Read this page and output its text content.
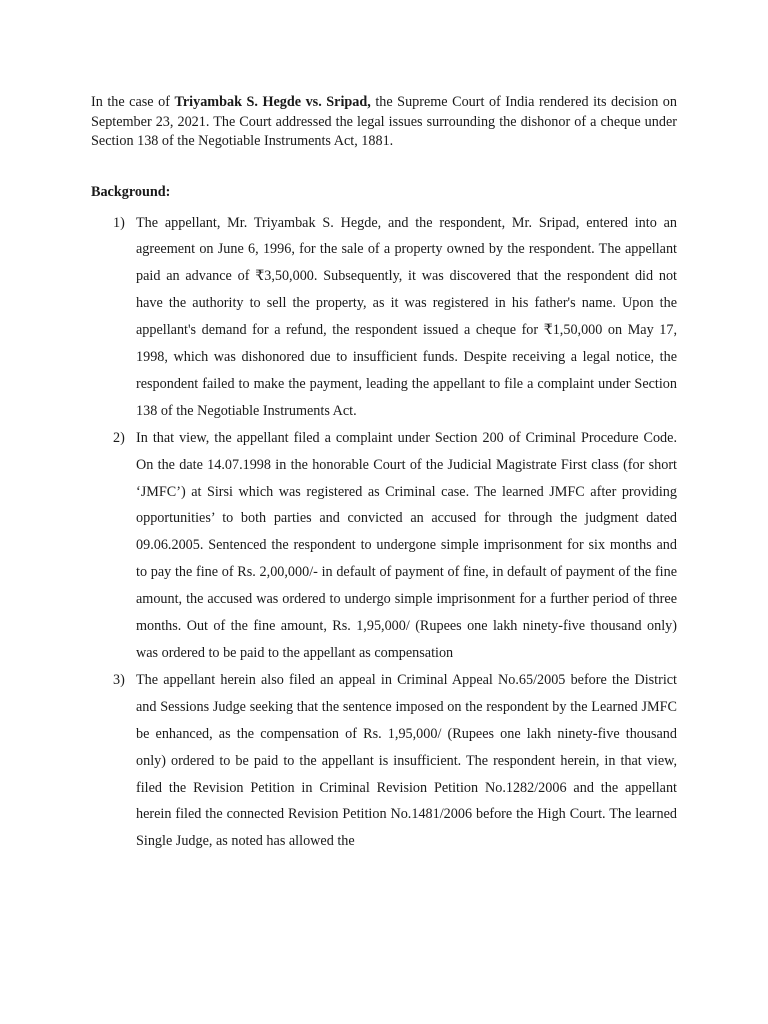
In the case of Triyambak S. Hegde vs. Sripad, the Supreme Court of India rendered its decision on September 23, 2021. The Court addressed the legal issues surrounding the dishonor of a cheque under Section 138 of the Negotiable Instruments Act, 1881.

Background:
1) The appellant, Mr. Triyambak S. Hegde, and the respondent, Mr. Sripad, entered into an agreement on June 6, 1996, for the sale of a property owned by the respondent. The appellant paid an advance of ₹3,50,000. Subsequently, it was discovered that the respondent did not have the authority to sell the property, as it was registered in his father's name. Upon the appellant's demand for a refund, the respondent issued a cheque for ₹1,50,000 on May 17, 1998, which was dishonored due to insufficient funds. Despite receiving a legal notice, the respondent failed to make the payment, leading the appellant to file a complaint under Section 138 of the Negotiable Instruments Act.
2) In that view, the appellant filed a complaint under Section 200 of Criminal Procedure Code. On the date 14.07.1998 in the honorable Court of the Judicial Magistrate First class (for short ‘JMFC’) at Sirsi which was registered as Criminal case. The learned JMFC after providing opportunities’ to both parties and convicted an accused for through the judgment dated 09.06.2005. Sentenced the respondent to undergone simple imprisonment for six months and to pay the fine of Rs. 2,00,000/- in default of payment of fine, in default of payment of the fine amount, the accused was ordered to undergo simple imprisonment for a further period of three months. Out of the fine amount, Rs. 1,95,000/ (Rupees one lakh ninety-five thousand only) was ordered to be paid to the appellant as compensation
3) The appellant herein also filed an appeal in Criminal Appeal No.65/2005 before the District and Sessions Judge seeking that the sentence imposed on the respondent by the Learned JMFC be enhanced, as the compensation of Rs. 1,95,000/ (Rupees one lakh ninety-five thousand only) ordered to be paid to the appellant is insufficient. The respondent herein, in that view, filed the Revision Petition in Criminal Revision Petition No.1282/2006 and the appellant herein filed the connected Revision Petition No.1481/2006 before the High Court. The learned Single Judge, as noted has allowed the
